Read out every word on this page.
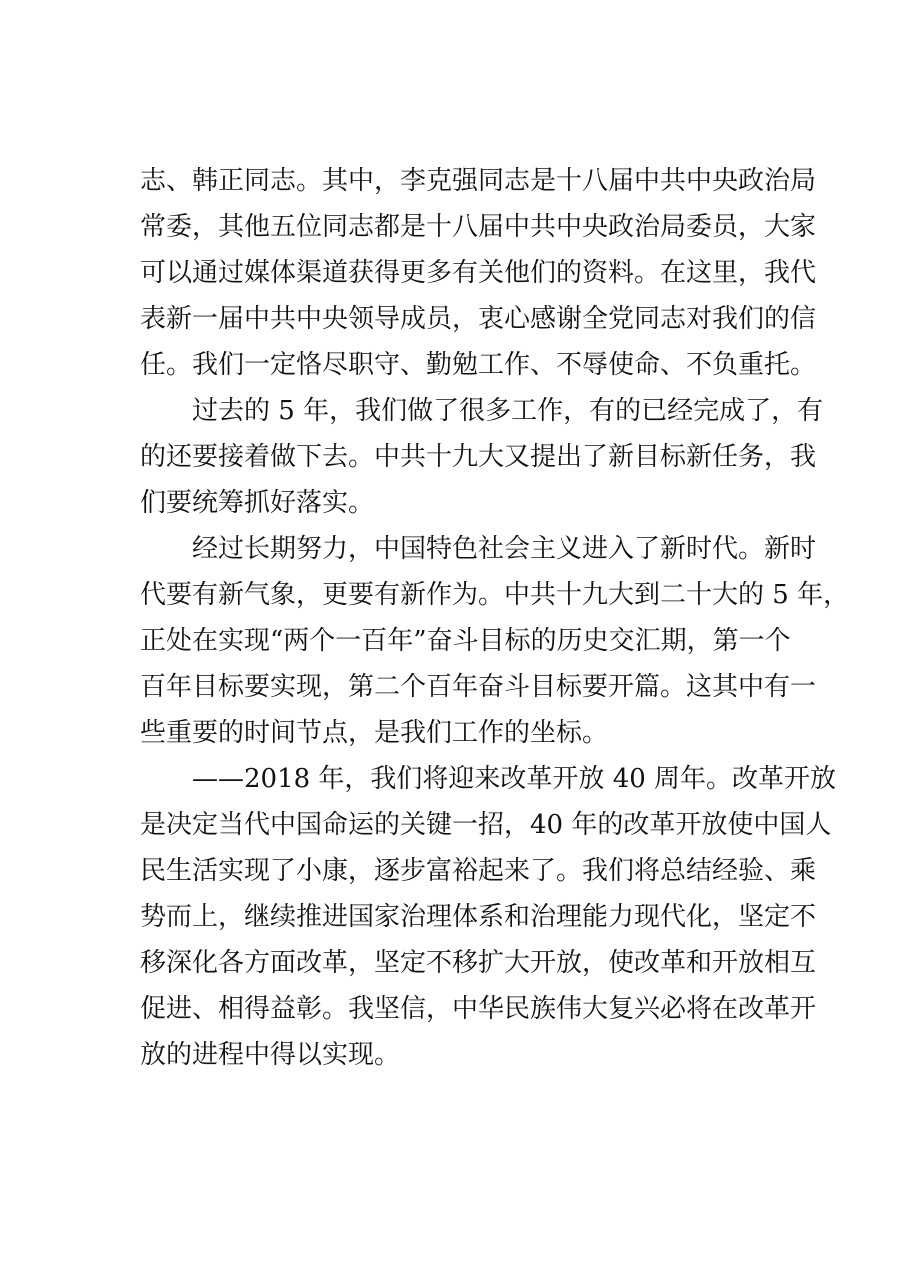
志、韩正同志。其中，李克强同志是十八届中共中央政治局
常委，其他五位同志都是十八届中共中央政治局委员，大家
可以通过媒体渠道获得更多有关他们的资料。在这里，我代
表新一届中共中央领导成员，衷心感谢全党同志对我们的信
任。我们一定恪尽职守、勤勉工作、不辱使命、不负重托。
过去的 5 年，我们做了很多工作，有的已经完成了，有
的还要接着做下去。中共十九大又提出了新目标新任务，我
们要统筹抓好落实。
经过长期努力，中国特色社会主义进入了新时代。新时
代要有新气象，更要有新作为。中共十九大到二十大的 5 年，
正处在实现“两个一百年”奋斗目标的历史交汇期，第一个
百年目标要实现，第二个百年奋斗目标要开篇。这其中有一
些重要的时间节点，是我们工作的坐标。
——2018 年，我们将迎来改革开放 40 周年。改革开放
是决定当代中国命运的关键一招，40 年的改革开放使中国人
民生活实现了小康，逐步富裕起来了。我们将总结经验、乘
势而上，继续推进国家治理体系和治理能力现代化，坚定不
移深化各方面改革，坚定不移扩大开放，使改革和开放相互
促进、相得益彰。我坚信，中华民族伟大复兴必将在改革开
放的进程中得以实现。
